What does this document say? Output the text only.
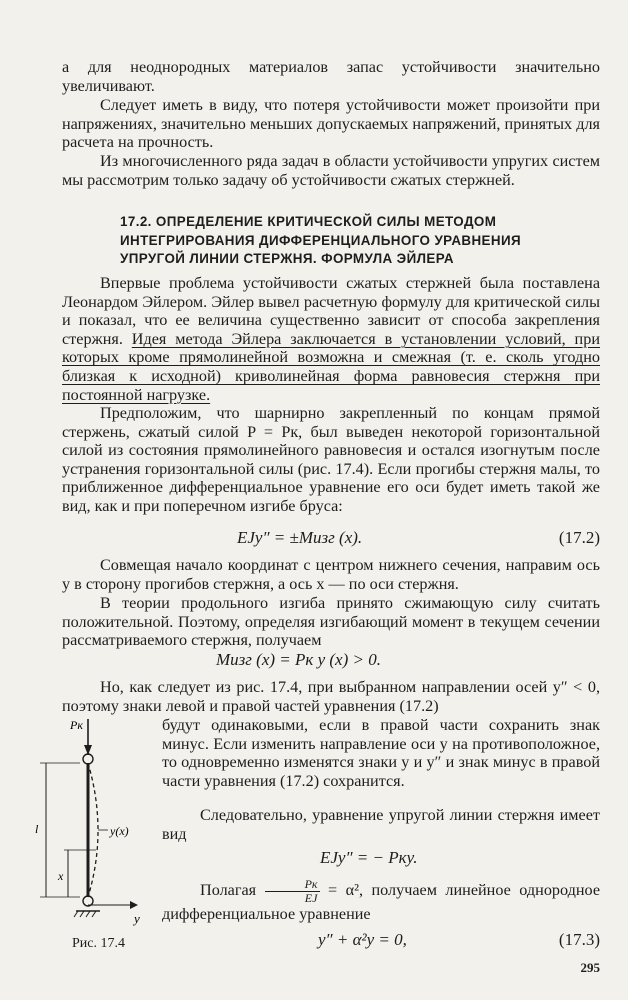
а для неоднородных материалов запас устойчивости значительно увеличивают.

Следует иметь в виду, что потеря устойчивости может произойти при напряжениях, значительно меньших допускаемых напряжений, принятых для расчета на прочность.

Из многочисленного ряда задач в области устойчивости упругих систем мы рассмотрим только задачу об устойчивости сжатых стержней.

17.2. ОПРЕДЕЛЕНИЕ КРИТИЧЕСКОЙ СИЛЫ МЕТОДОМ ИНТЕГРИРОВАНИЯ ДИФФЕРЕНЦИАЛЬНОГО УРАВНЕНИЯ УПРУГОЙ ЛИНИИ СТЕРЖНЯ. ФОРМУЛА ЭЙЛЕРА

Впервые проблема устойчивости сжатых стержней была поставлена Леонардом Эйлером. Эйлер вывел расчетную формулу для критической силы и показал, что ее величина существенно зависит от способа закрепления стержня. Идея метода Эйлера заключается в установлении условий, при которых кроме прямолинейной возможна и смежная (т. е. сколь угодно близкая к исходной) криволинейная форма равновесия стержня при постоянной нагрузке.

Предположим, что шарнирно закрепленный по концам прямой стержень, сжатый силой P = Pк, был выведен некоторой горизонтальной силой из состояния прямолинейного равновесия и остался изогнутым после устранения горизонтальной силы (рис. 17.4). Если прогибы стержня малы, то приближенное дифференциальное уравнение его оси будет иметь такой же вид, как и при поперечном изгибе бруса:

EJy″ = ±Mизг (x).	(17.2)

Совмещая начало координат с центром нижнего сечения, направим ось y в сторону прогибов стержня, а ось x — по оси стержня.

В теории продольного изгиба принято сжимающую силу считать положительной. Поэтому, определяя изгибающий момент в текущем сечении рассматриваемого стержня, получаем

Mизг (x) = Pк y (x) > 0.

Но, как следует из рис. 17.4, при выбранном направлении осей y″ < 0, поэтому знаки левой и правой частей уравнения (17.2)

будут одинаковыми, если в правой части сохранить знак минус. Если изменить направление оси y на противоположное, то одновременно изменятся знаки y и y″ и знак минус в правой части уравнения (17.2) сохранится.

Следовательно, уравнение упругой линии стержня имеет вид

EJy″ = − Pкy.
Полагая $\frac{Pк}{EJ} = \alpha^2$, получаем линейное однородное дифференциальное уравнение
y″ + α²y = 0,	(17.3)
Pк
l
x
y(x)
y
Рис. 17.4
295
